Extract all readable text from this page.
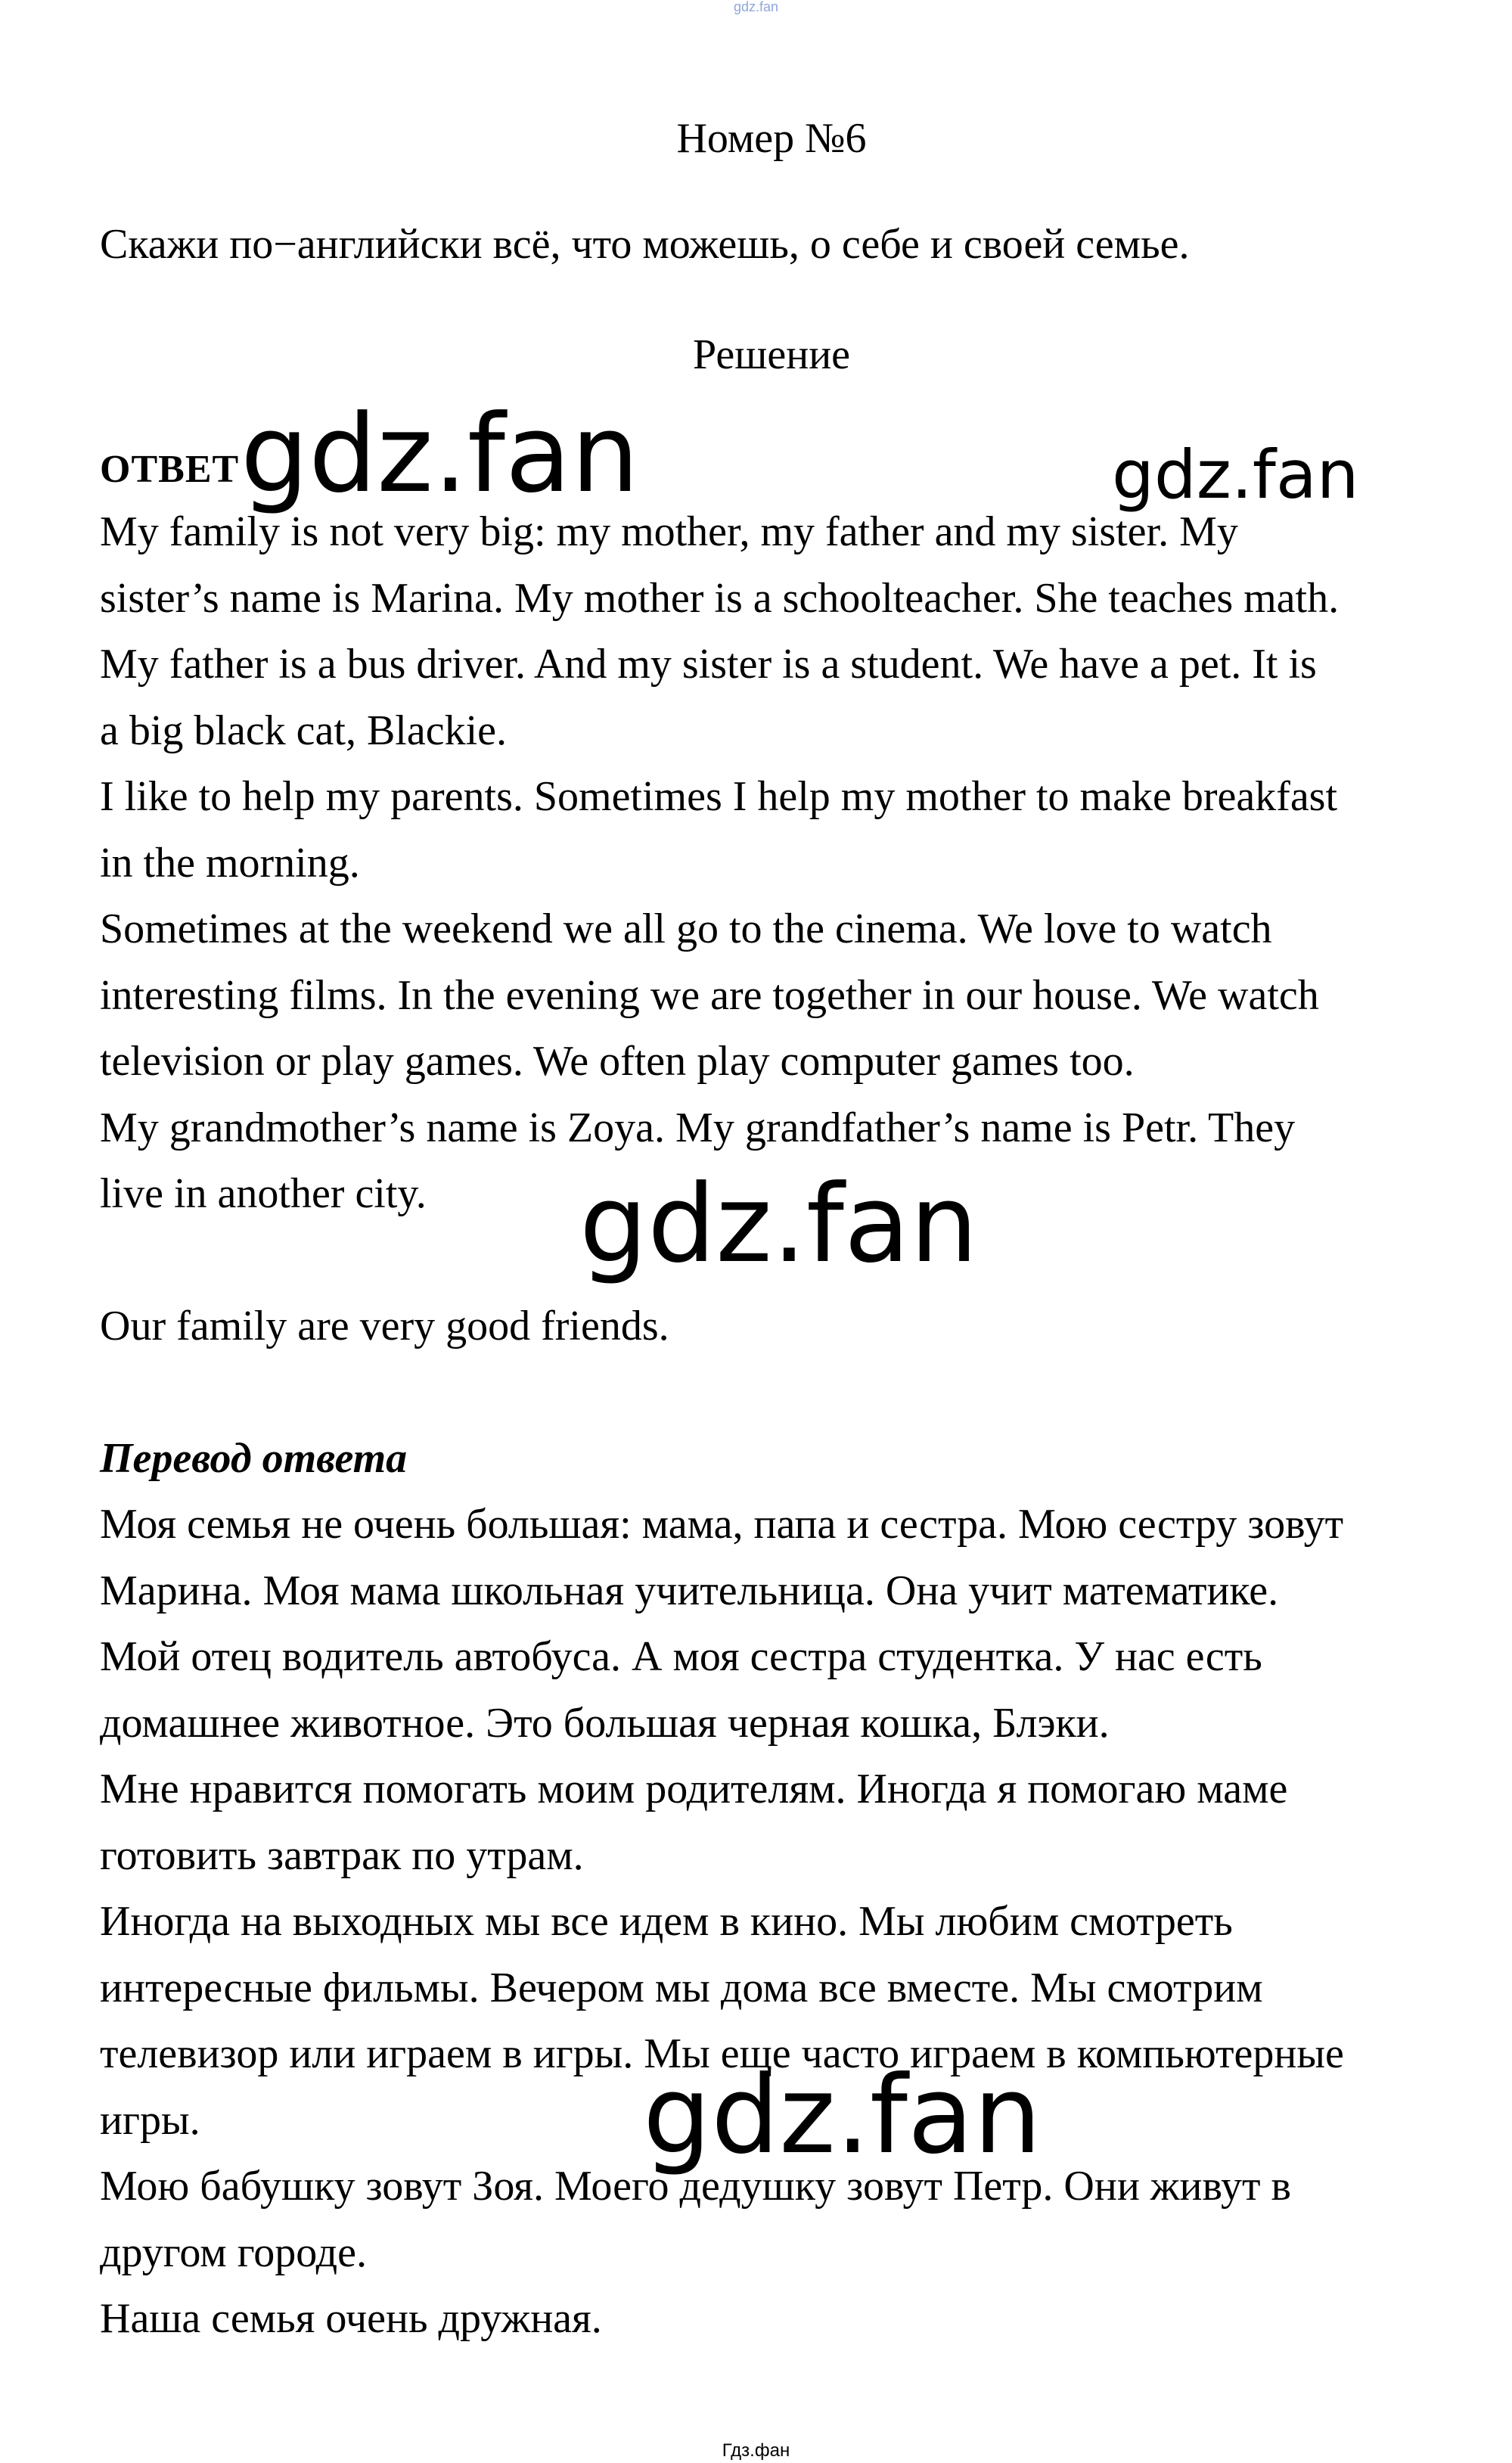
gdz.fan
Номер №6
Скажи по−английски всё, что можешь, о себе и своей семье.
Решение
ОТВЕТ
My family is not very big: my mother, my father and my sister. My
sister’s name is Marina. My mother is a schoolteacher. She teaches math.
My father is a bus driver. And my sister is a student. We have a pet. It is
a big black cat, Blackie.
I like to help my parents. Sometimes I help my mother to make breakfast
in the morning.
Sometimes at the weekend we all go to the cinema. We love to watch
interesting films. In the evening we are together in our house. We watch
television or play games. We often play computer games too.
My grandmother’s name is Zoya. My grandfather’s name is Petr. They
live in another city.
Our family are very good friends.
Перевод ответа
Моя семья не очень большая: мама, папа и сестра. Мою сестру зовут
Марина. Моя мама школьная учительница. Она учит математике.
Мой отец водитель автобуса. А моя сестра студентка. У нас есть
домашнее животное. Это большая черная кошка, Блэки.
Мне нравится помогать моим родителям. Иногда я помогаю маме
готовить завтрак по утрам.
Иногда на выходных мы все идем в кино. Мы любим смотреть
интересные фильмы. Вечером мы дома все вместе. Мы смотрим
телевизор или играем в игры. Мы еще часто играем в компьютерные
игры.
Мою бабушку зовут Зоя. Моего дедушку зовут Петр. Они живут в
другом городе.
Наша семья очень дружная.
gdz.fan	gdz.fan
gdz.fan
gdz.fan
Гдз.фан
